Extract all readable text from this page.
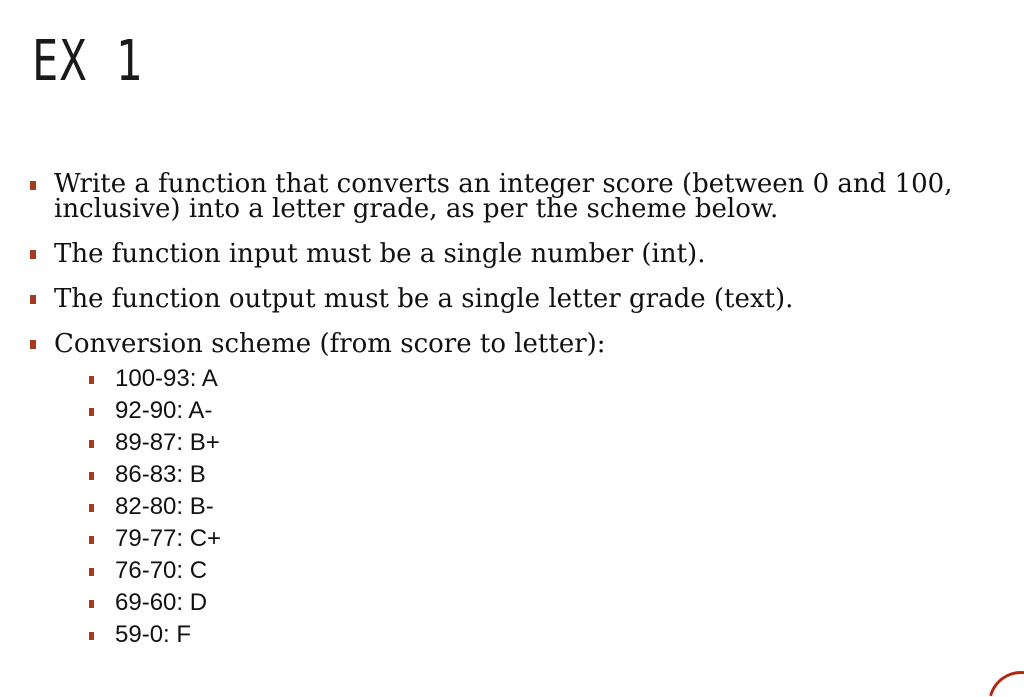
EX 1
Write a function that converts an integer score (between 0 and 100, inclusive) into a letter grade, as per the scheme below.
The function input must be a single number (int).
The function output must be a single letter grade (text).
Conversion scheme (from score to letter):
100-93: A
92-90: A-
89-87: B+
86-83: B
82-80: B-
79-77: C+
76-70: C
69-60: D
59-0: F
